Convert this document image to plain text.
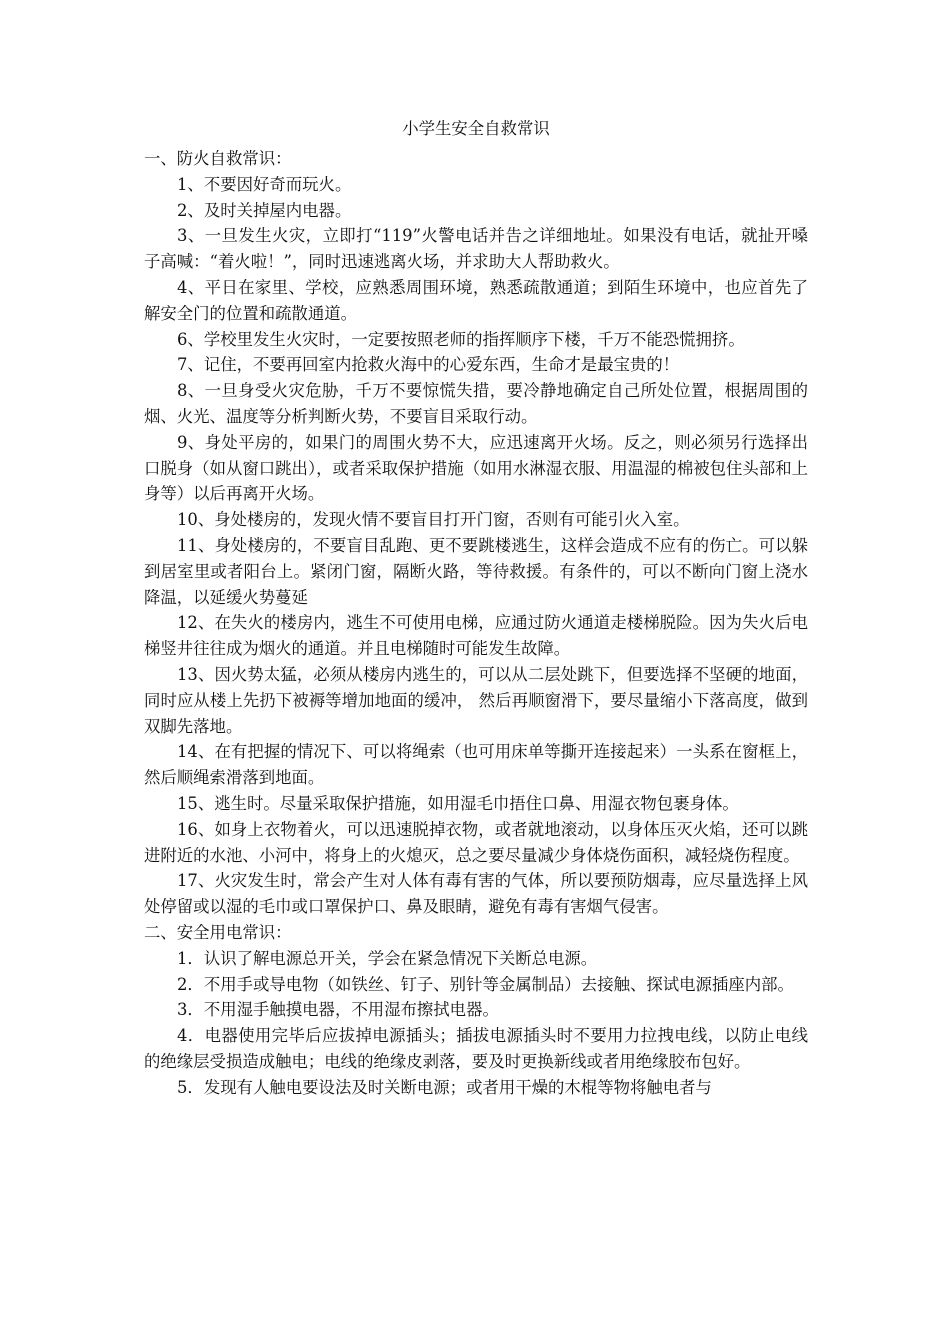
小学生安全自救常识

一、防火自救常识：

1、不要因好奇而玩火。

2、及时关掉屋内电器。

3、一旦发生火灾，立即打“119”火警电话并告之详细地址。如果没有电话，就扯开嗓子高喊：“着火啦！”，同时迅速逃离火场，并求助大人帮助救火。

4、平日在家里、学校，应熟悉周围环境，熟悉疏散通道；到陌生环境中，也应首先了解安全门的位置和疏散通道。

6、学校里发生火灾时，一定要按照老师的指挥顺序下楼，千万不能恐慌拥挤。

7、记住，不要再回室内抢救火海中的心爱东西，生命才是最宝贵的！

8、一旦身受火灾危胁，千万不要惊慌失措，要冷静地确定自己所处位置，根据周围的烟、火光、温度等分析判断火势，不要盲目采取行动。

9、身处平房的，如果门的周围火势不大，应迅速离开火场。反之，则必须另行选择出口脱身（如从窗口跳出），或者采取保护措施（如用水淋湿衣服、用温湿的棉被包住头部和上身等）以后再离开火场。

10、身处楼房的，发现火情不要盲目打开门窗，否则有可能引火入室。

11、身处楼房的，不要盲目乱跑、更不要跳楼逃生，这样会造成不应有的伤亡。可以躲到居室里或者阳台上。紧闭门窗，隔断火路，等待救援。有条件的，可以不断向门窗上浇水降温，以延缓火势蔓延

12、在失火的楼房内，逃生不可使用电梯，应通过防火通道走楼梯脱险。因为失火后电梯竖井往往成为烟火的通道。并且电梯随时可能发生故障。

13、因火势太猛，必须从楼房内逃生的，可以从二层处跳下，但要选择不坚硬的地面，同时应从楼上先扔下被褥等增加地面的缓冲， 然后再顺窗滑下，要尽量缩小下落高度，做到双脚先落地。

14、在有把握的情况下、可以将绳索（也可用床单等撕开连接起来）一头系在窗框上，然后顺绳索滑落到地面。

15、逃生时。尽量采取保护措施，如用湿毛巾捂住口鼻、用湿衣物包裹身体。

16、如身上衣物着火，可以迅速脱掉衣物，或者就地滚动，以身体压灭火焰，还可以跳进附近的水池、小河中，将身上的火熄灭，总之要尽量减少身体烧伤面积，减轻烧伤程度。

17、火灾发生时，常会产生对人体有毒有害的气体，所以要预防烟毒，应尽量选择上风处停留或以湿的毛巾或口罩保护口、鼻及眼睛，避免有毒有害烟气侵害。

二、安全用电常识：

1．认识了解电源总开关，学会在紧急情况下关断总电源。

2．不用手或导电物（如铁丝、钉子、别针等金属制品）去接触、探试电源插座内部。

3．不用湿手触摸电器，不用湿布擦拭电器。

4．电器使用完毕后应拔掉电源插头；插拔电源插头时不要用力拉拽电线，以防止电线的绝缘层受损造成触电；电线的绝缘皮剥落，要及时更换新线或者用绝缘胶布包好。

5．发现有人触电要设法及时关断电源；或者用干燥的木棍等物将触电者与
